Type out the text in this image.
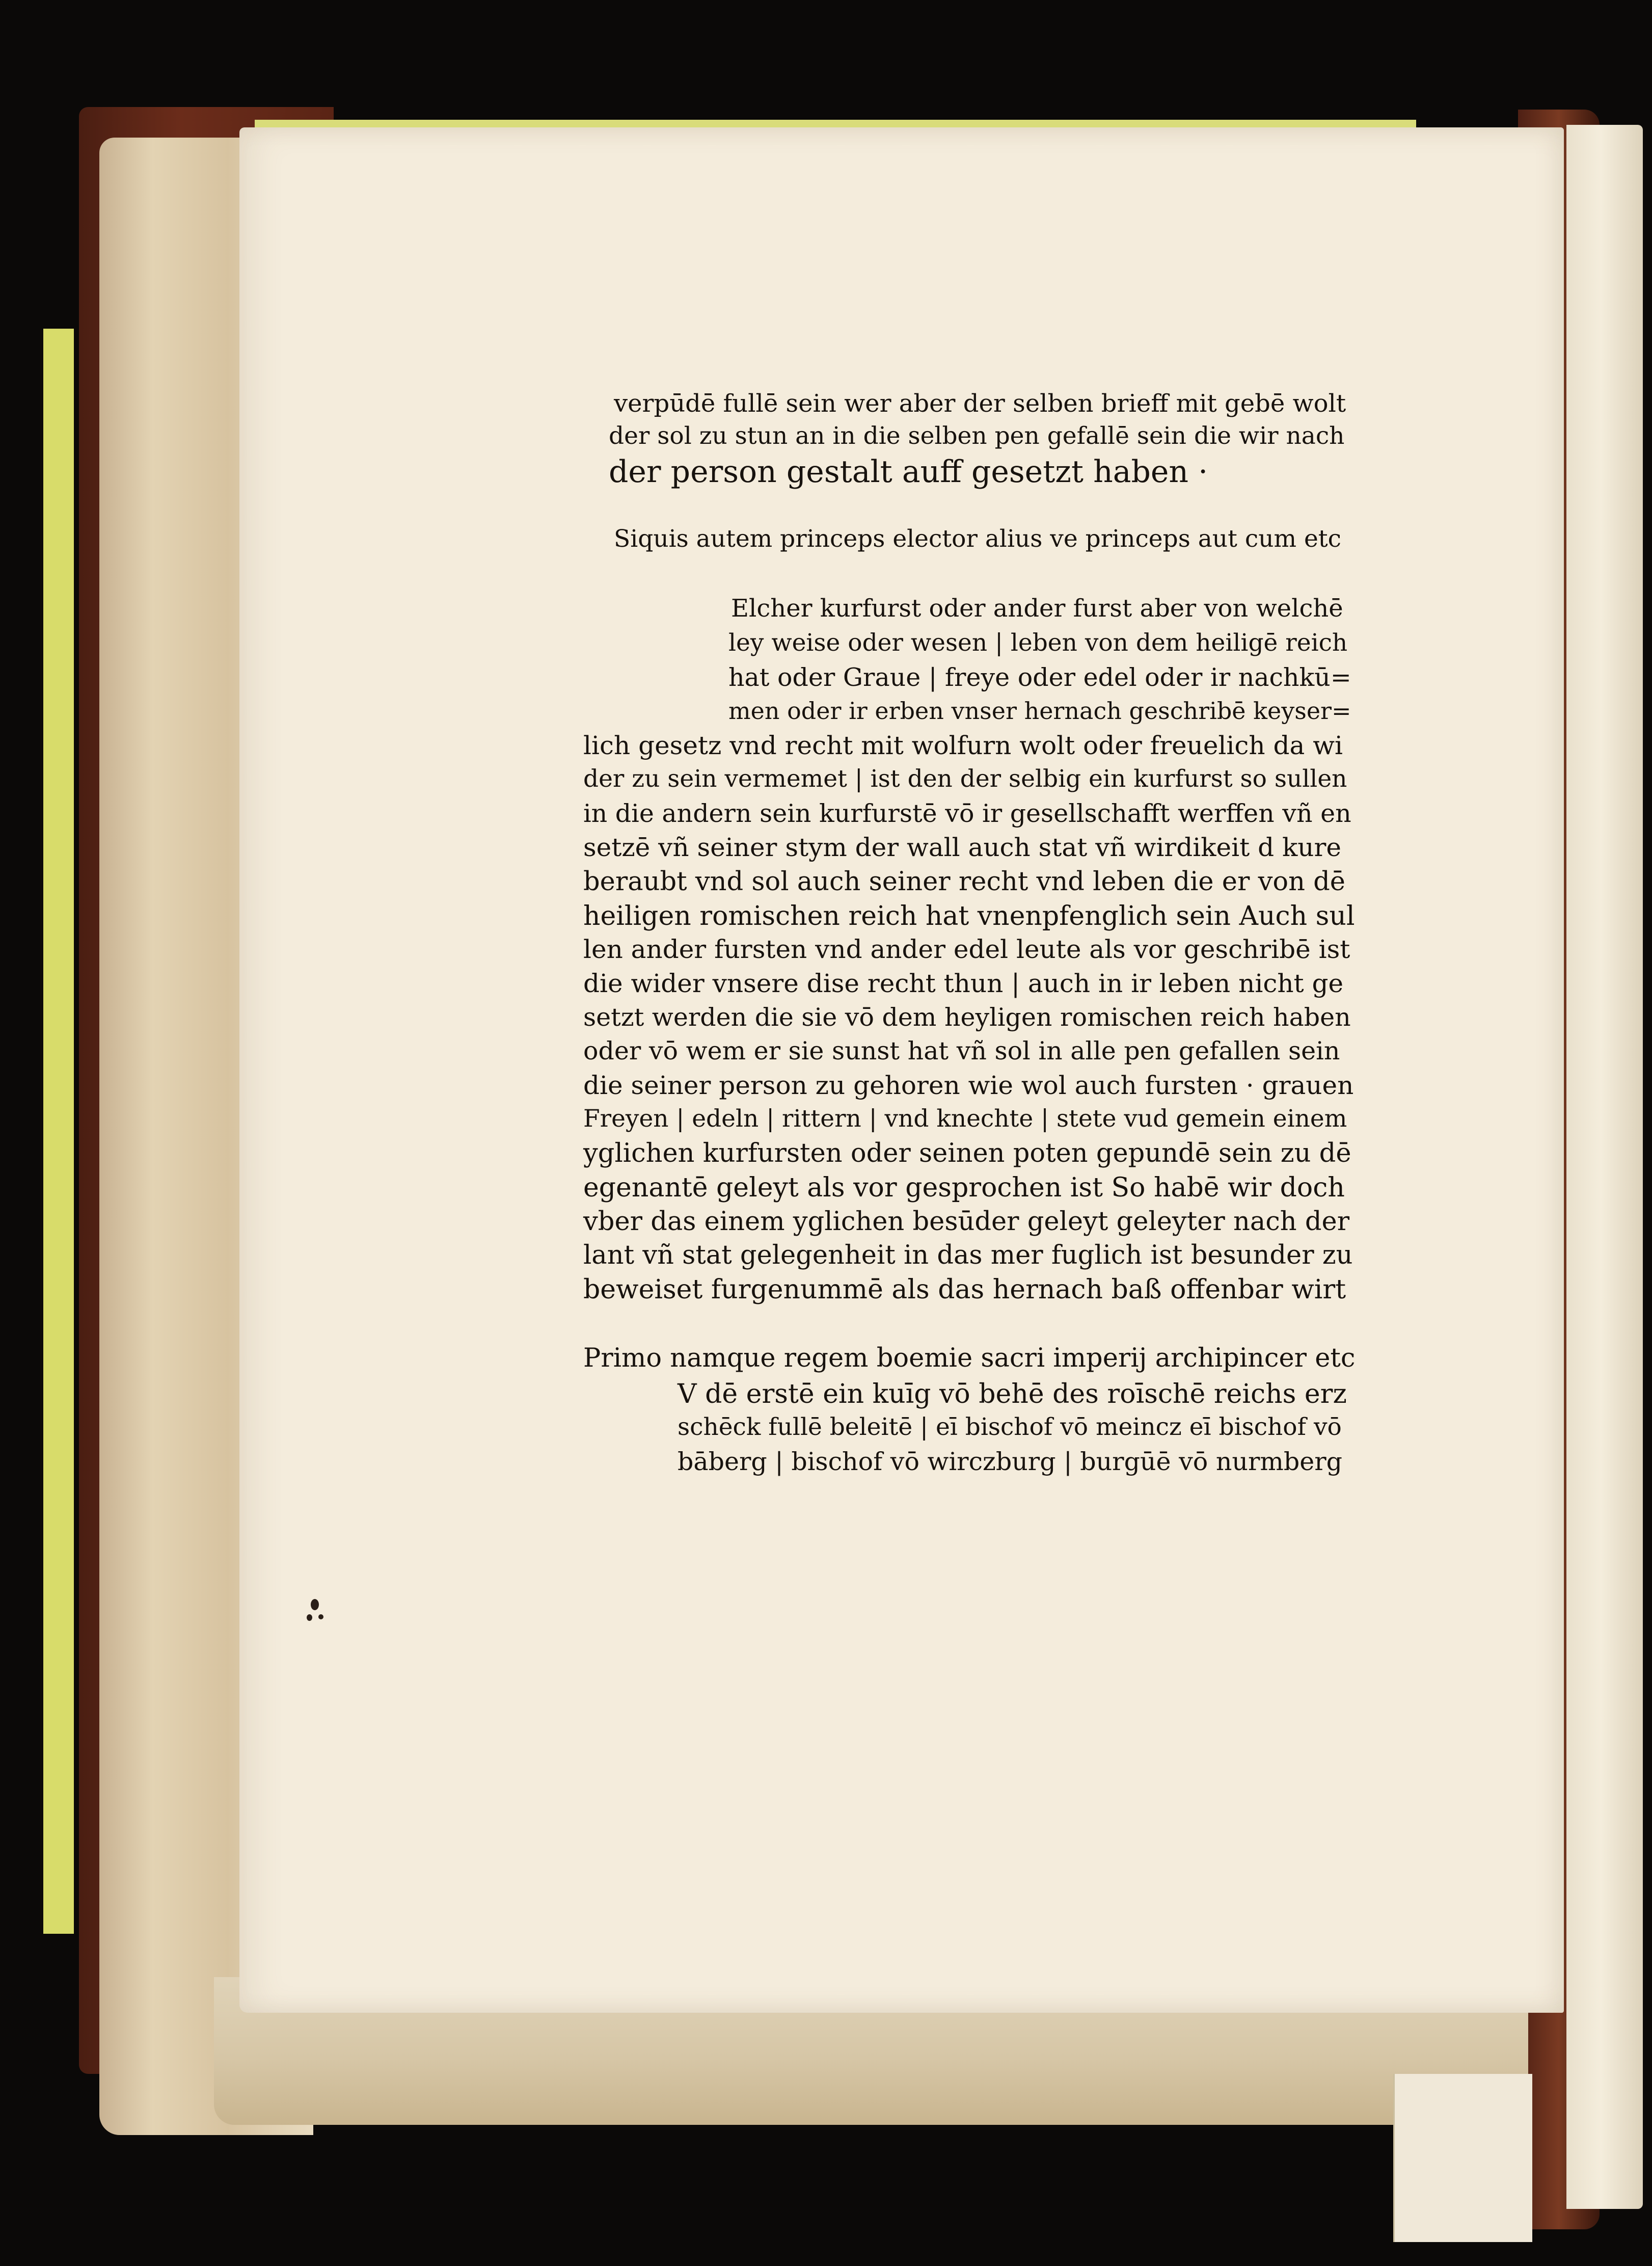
verpūdē fullē sein wer aber der selben brieff mit gebē wolt
der sol zu stun an in die selben pen gefallē sein die wir nach
der person gestalt auff gesetzt haben ·
Siquis autem princeps elector alius ve princeps aut cum etc
Elcher kurfurst oder ander furst aber von welchē
ley weise oder wesen | leben von dem heiligē reich
hat oder Graue | freye oder edel oder ir nachkū=
men oder ir erben vnser hernach geschribē keyser=
lich gesetz vnd recht mit wolfurn wolt oder freuelich da wi
der zu sein vermemet | ist den der selbig ein kurfurst so sullen
in die andern sein kurfurstē vō ir gesellschafft werffen vñ en
setzē vñ seiner stym der wall auch stat vñ wirdikeit d kure
beraubt vnd sol auch seiner recht vnd leben die er von dē
heiligen romischen reich hat vnenpfenglich sein Auch sul
len ander fursten vnd ander edel leute als vor geschribē ist
die wider vnsere dise recht thun | auch in ir leben nicht ge
setzt werden die sie vō dem heyligen romischen reich haben
oder vō wem er sie sunst hat vñ sol in alle pen gefallen sein
die seiner person zu gehoren wie wol auch fursten · grauen
Freyen | edeln | rittern | vnd knechte | stete vud gemein einem
yglichen kurfursten oder seinen poten gepundē sein zu dē
egenantē geleyt als vor gesprochen ist So habē wir doch
vber das einem yglichen besūder geleyt geleyter nach der
lant vñ stat gelegenheit in das mer fuglich ist besunder zu
beweiset furgenummē als das hernach baß offenbar wirt
Primo namque regem boemie sacri imperij archipincer etc
V dē erstē ein kuīg vō behē des roīschē reichs erz
schēck fullē beleitē | eī bischof vō meincz eī bischof vō
bāberg | bischof vō wirczburg | burgūē vō nurmberg
